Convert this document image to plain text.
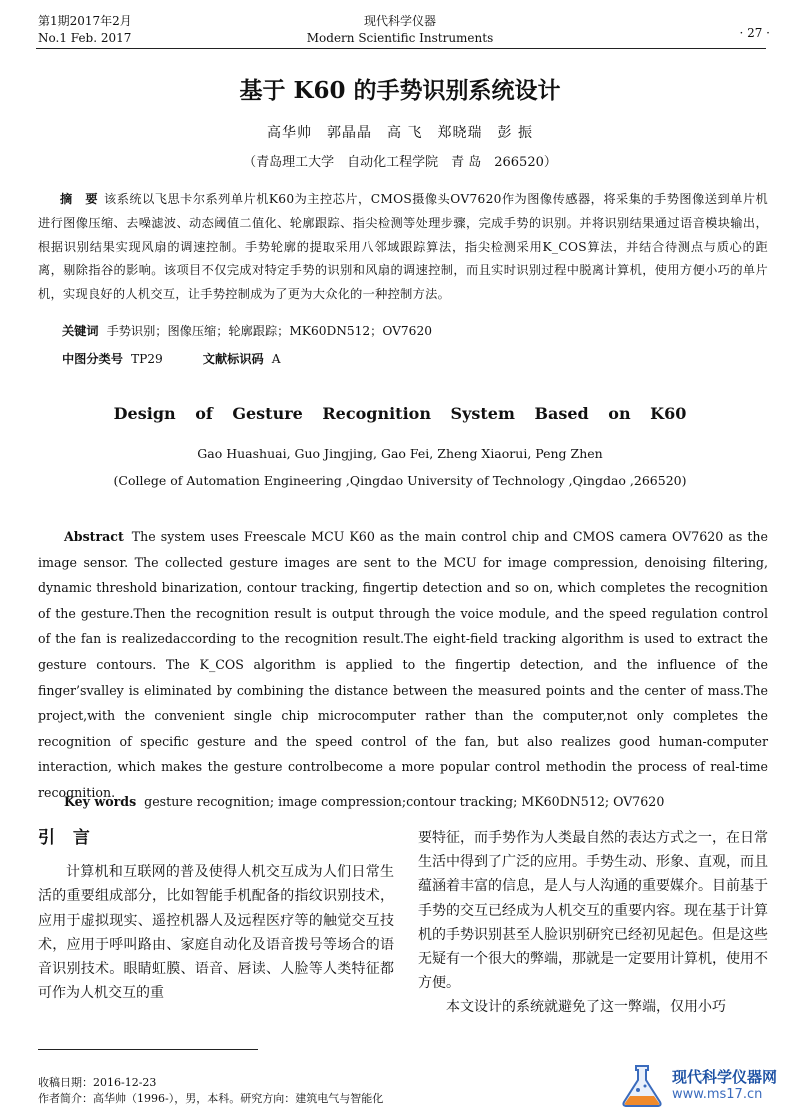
第1期2017年2月
No.1 Feb. 2017
现代科学仪器
Modern Scientific Instruments	· 27 ·
基于 K60 的手势识别系统设计
高华帅　郭晶晶　高 飞　郑晓瑞　彭 振
（青岛理工大学　自动化工程学院　青 岛　266520）
摘　要 该系统以飞思卡尔系列单片机K60为主控芯片，CMOS摄像头OV7620作为图像传感器，将采集的手势图像送到单片机进行图像压缩、去噪滤波、动态阈值二值化、轮廓跟踪、指尖检测等处理步骤，完成手势的识别。并将识别结果通过语音模块输出，根据识别结果实现风扇的调速控制。手势轮廓的提取采用八邻域跟踪算法，指尖检测采用K_COS算法，并结合待测点与质心的距离，剔除指谷的影响。该项目不仅完成对特定手势的识别和风扇的调速控制，而且实时识别过程中脱离计算机，使用方便小巧的单片机，实现良好的人机交互，让手势控制成为了更为大众化的一种控制方法。
关键词 手势识别；图像压缩；轮廓跟踪；MK60DN512；OV7620
中图分类号 TP29	文献标识码 A
Design of Gesture Recognition System Based on K60
Gao Huashuai, Guo Jingjing, Gao Fei, Zheng Xiaorui, Peng Zhen
(College of Automation Engineering ,Qingdao University of Technology ,Qingdao ,266520)
Abstract The system uses Freescale MCU K60 as the main control chip and CMOS camera OV7620 as the image sensor. The collected gesture images are sent to the MCU for image compression, denoising filtering, dynamic threshold binarization, contour tracking, fingertip detection and so on, which completes the recognition of the gesture.Then the recognition result is output through the voice module, and the speed regulation control of the fan is realizedaccording to the recognition result.The eight-field tracking algorithm is used to extract the gesture contours. The K_COS algorithm is applied to the fingertip detection, and the influence of the finger’svalley is eliminated by combining the distance between the measured points and the center of mass.The project,with the convenient single chip microcomputer rather than the computer,not only completes the recognition of specific gesture and the speed control of the fan, but also realizes good human-computer interaction, which makes the gesture controlbecome a more popular control methodin the process of real-time recognition.
Key words gesture recognition; image compression;contour tracking; MK60DN512; OV7620
引 言

计算机和互联网的普及使得人机交互成为人们日常生活的重要组成部分，比如智能手机配备的指纹识别技术，应用于虚拟现实、遥控机器人及远程医疗等的触觉交互技术，应用于呼叫路由、家庭自动化及语音拨号等场合的语音识别技术。眼睛虹膜、语音、唇读、人脸等人类特征都可作为人机交互的重

要特征，而手势作为人类最自然的表达方式之一，在日常生活中得到了广泛的应用。手势生动、形象、直观，而且蕴涵着丰富的信息，是人与人沟通的重要媒介。目前基于手势的交互已经成为人机交互的重要内容。现在基于计算机的手势识别甚至人脸识别研究已经初见起色。但是这些无疑有一个很大的弊端，那就是一定要用计算机，使用不方便。

本文设计的系统就避免了这一弊端，仅用小巧

收稿日期：2016-12-23
作者简介：高华帅（1996-），男，本科。研究方向：建筑电气与智能化
现代科学仪器网
www.ms17.cn
